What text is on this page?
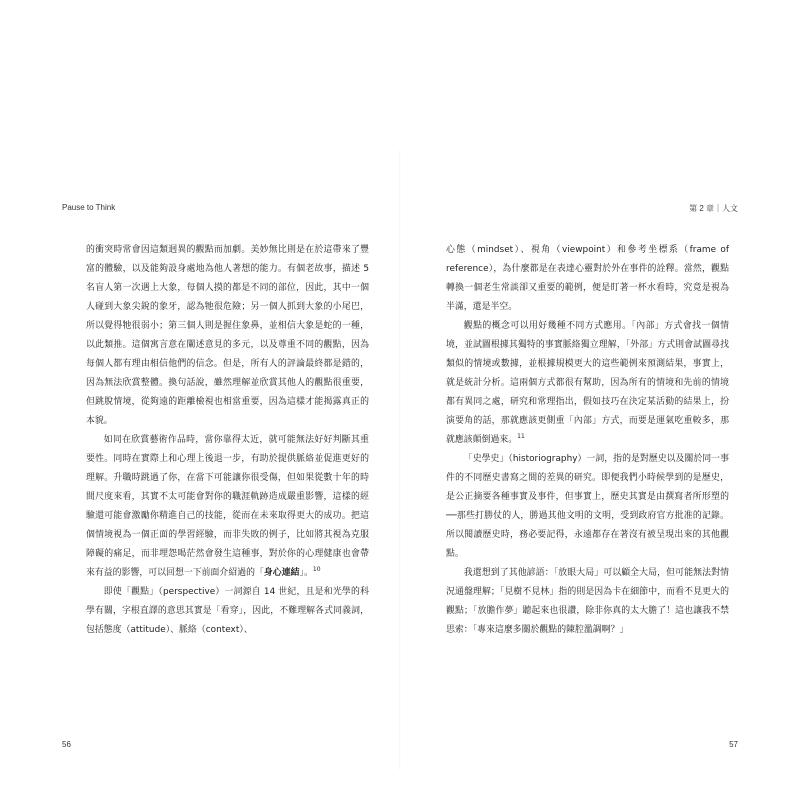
Pause to Think	第 2 章｜人文

的衝突時常會因這類迥異的觀點而加劇。美妙無比則是在於這帶來了豐富的體驗，以及能夠設身處地為他人著想的能力。有個老故事，描述 5 名盲人第一次遇上大象，每個人摸的都是不同的部位，因此，其中一個人碰到大象尖銳的象牙，認為牠很危險；另一個人抓到大象的小尾巴，所以覺得牠很弱小；第三個人則是握住象鼻，並相信大象是蛇的一種，以此類推。這個寓言意在闡述意見的多元，以及尊重不同的觀點，因為每個人都有理由相信他們的信念。但是，所有人的評論最終都是錯的，因為無法欣賞整體。換句話說，雖然理解並欣賞其他人的觀點很重要，但跳脫情境，從夠遠的距離檢視也相當重要，因為這樣才能揭露真正的本貌。

如同在欣賞藝術作品時，當你靠得太近，就可能無法好好判斷其重要性。同時在實際上和心理上後退一步，有助於提供脈絡並促進更好的理解。升職時跳過了你，在當下可能讓你很受傷，但如果從數十年的時間尺度來看，其實不太可能會對你的職涯軌跡造成嚴重影響，這樣的經驗還可能會激勵你精進自己的技能，從而在未來取得更大的成功。把這個情境視為一個正面的學習經驗，而非失敗的例子，比如將其視為克服障礙的痛足，而非埋怨喝茫然會發生這種事，對於你的心理健康也會帶來有益的影響，可以回想一下前面介紹過的「身心連結」。$^{10}$

即使「觀點」（perspective）一詞源自 14 世紀，且是和光學的科學有關，字根直譯的意思其實是「看穿」，因此，不難理解各式同義詞，包括態度（attitude）、脈絡（context）、

心態（mindset）、視角（viewpoint）和參考坐標系（frame of reference），為什麼都是在表達心靈對於外在事件的詮釋。當然，觀點轉換一個老生常談卻又重要的範例，便是盯著一杯水看時，究竟是視為半滿，還是半空。

觀點的概念可以用好幾種不同方式應用。「內部」方式會找一個情境，並試圖根據其獨特的事實脈絡獨立理解，「外部」方式則會試圖尋找類似的情境或數據，並根據規模更大的這些範例來預測結果，事實上，就是統計分析。這兩個方式都很有幫助，因為所有的情境和先前的情境都有異同之處，研究和常理指出，假如技巧在決定某活動的結果上，扮演要角的話，那就應該更側重「內部」方式，而要是運氣吃重較多，那就應該顛倒過來。$^{11}$

「史學史」（historiography）一詞，指的是對歷史以及關於同一事件的不同歷史書寫之間的差異的研究。即便我們小時候學到的是歷史，是公正摘要各種事實及事件，但事實上，歷史其實是由撰寫者所形塑的──那些打勝仗的人，勝過其他文明的文明，受到政府官方批准的記錄。所以閱讀歷史時，務必要記得，永遠都存在著沒有被呈現出來的其他觀點。

我還想到了其他諺語：「放眼大局」可以顧全大局，但可能無法對情況通盤理解；「見樹不見林」指的則是因為卡在細節中，而看不見更大的觀點；「放膽作夢」聽起來也很讚，除非你真的太大膽了！這也讓我不禁思索：「專來這麼多關於觀點的陳腔濫調啊？」

56	57
